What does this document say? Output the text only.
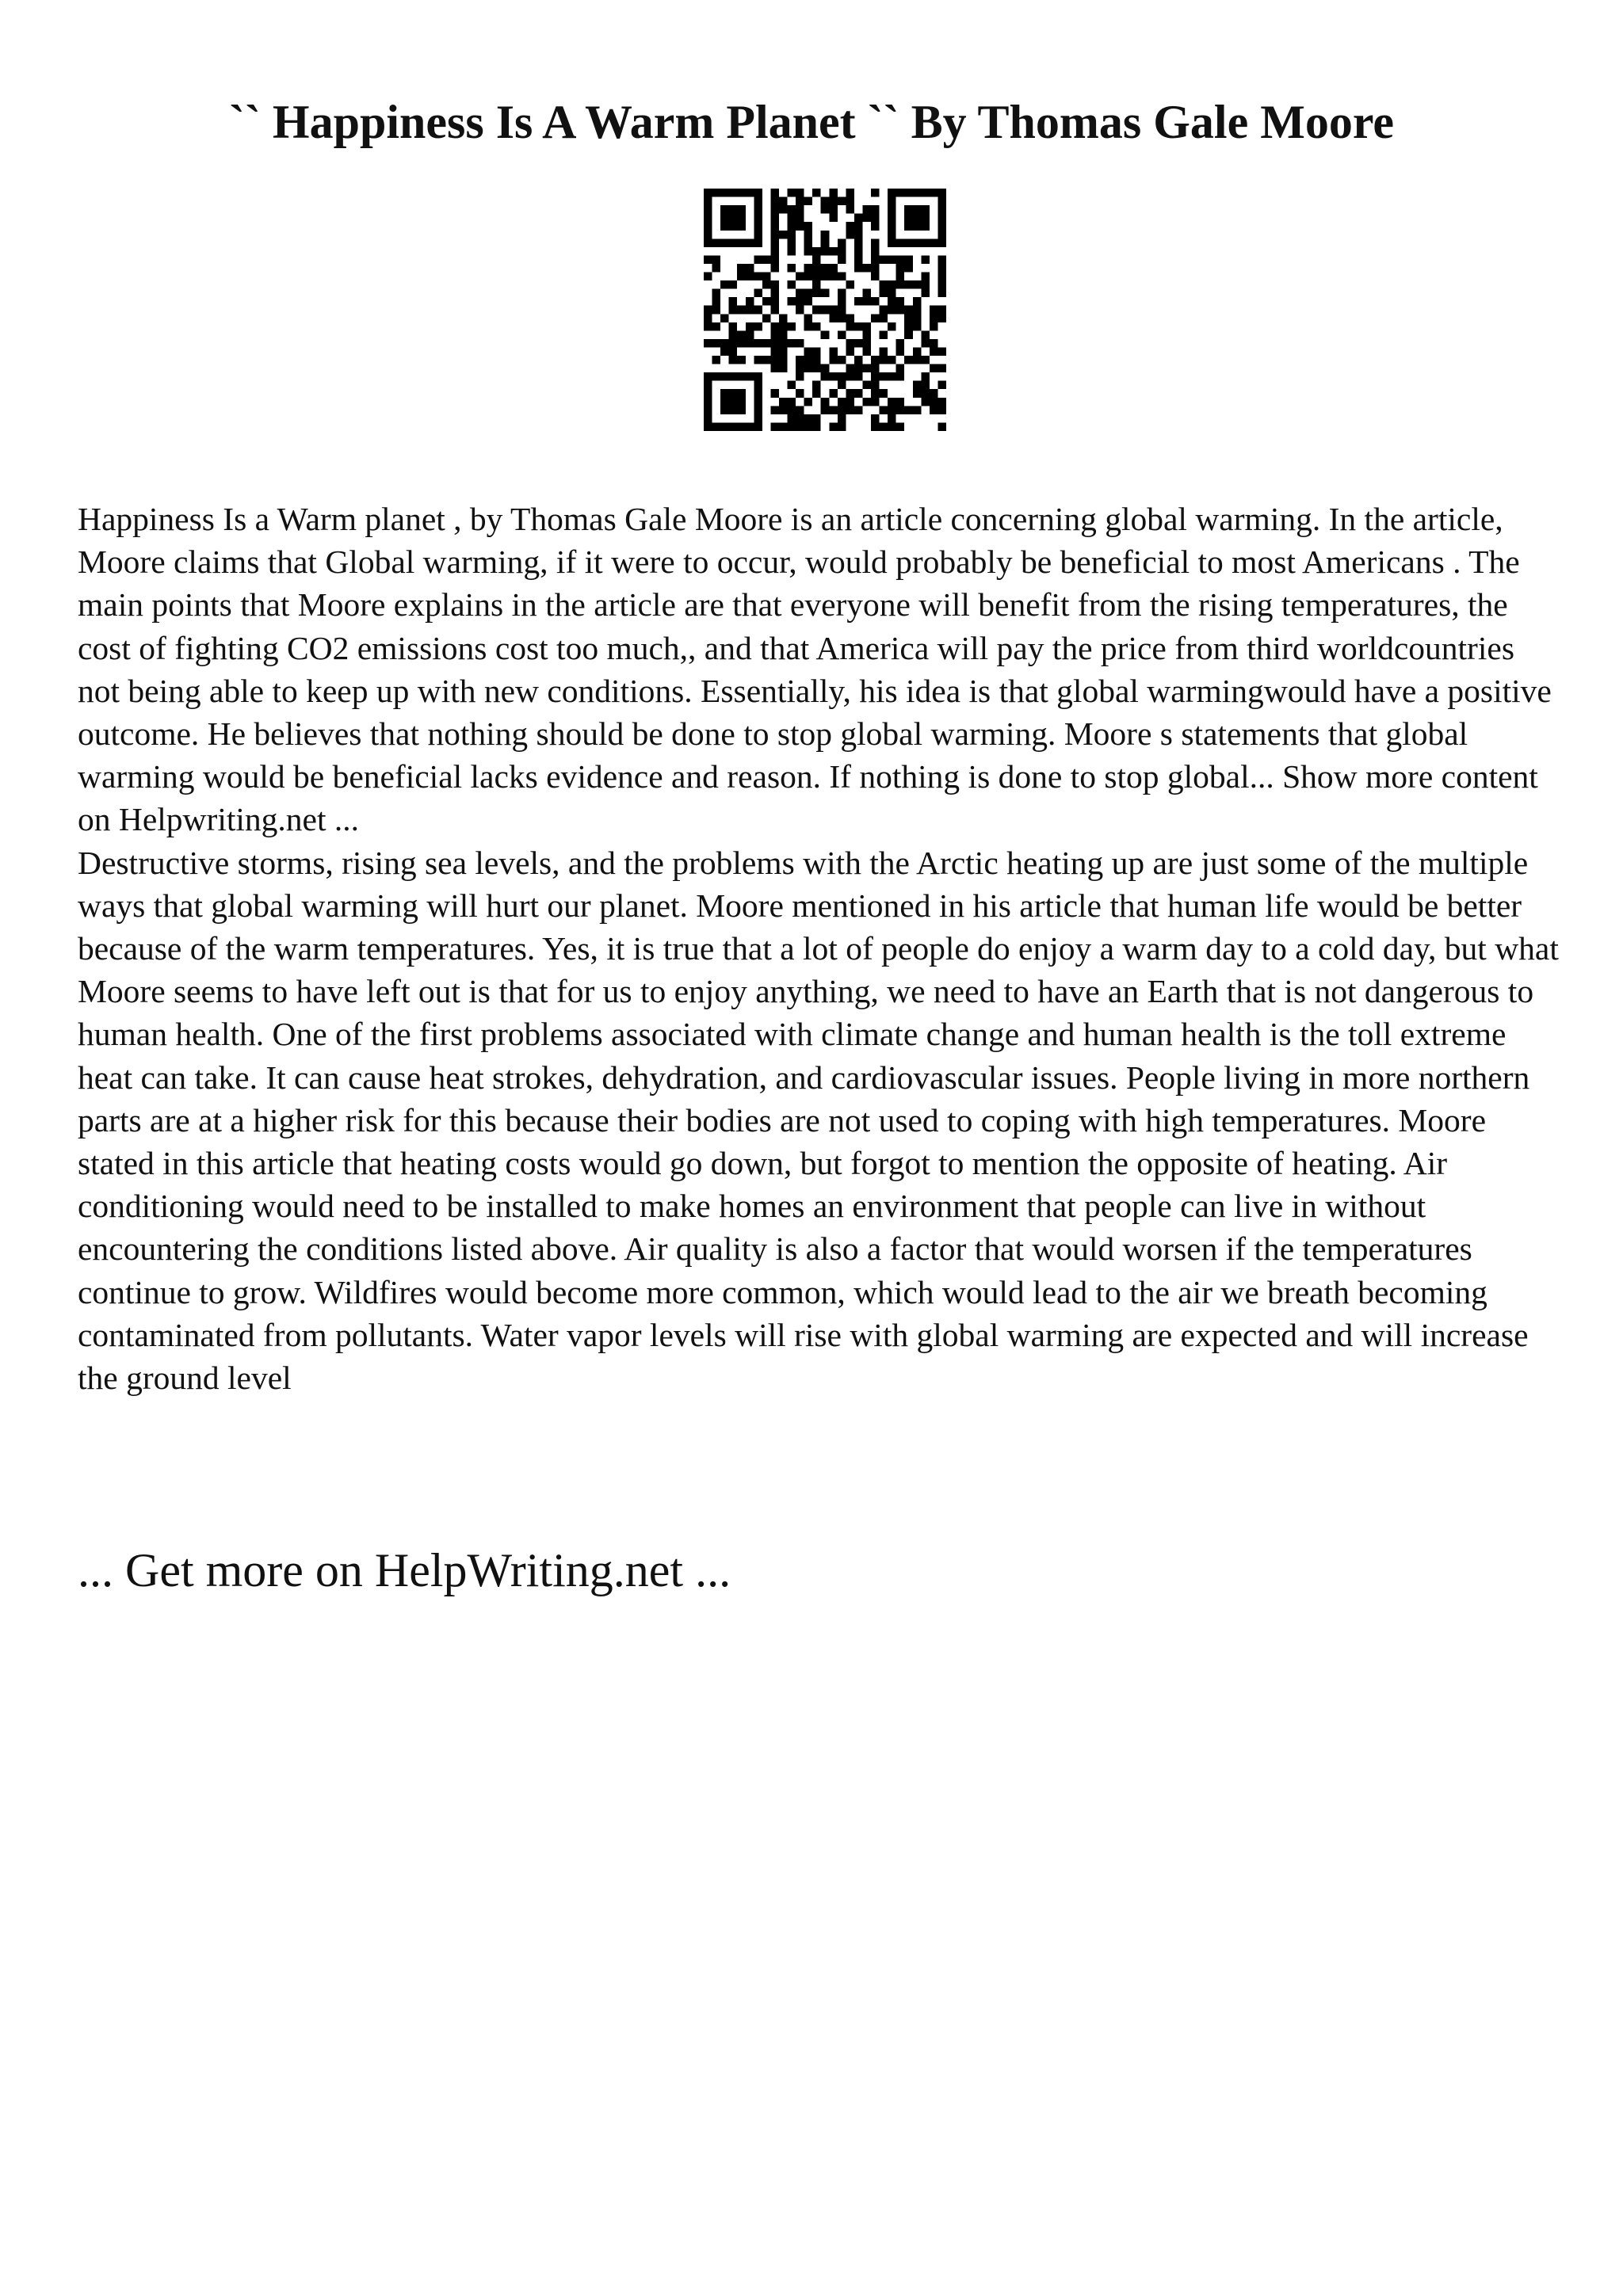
`` Happiness Is A Warm Planet `` By Thomas Gale Moore

Happiness Is a Warm planet , by Thomas Gale Moore is an article concerning global warming. In the article, Moore claims that Global warming, if it were to occur, would probably be beneficial to most Americans . The main points that Moore explains in the article are that everyone will benefit from the rising temperatures, the cost of fighting CO2 emissions cost too much,, and that America will pay the price from third worldcountries not being able to keep up with new conditions. Essentially, his idea is that global warmingwould have a positive outcome. He believes that nothing should be done to stop global warming. Moore s statements that global warming would be beneficial lacks evidence and reason. If nothing is done to stop global... Show more content on Helpwriting.net ...

Destructive storms, rising sea levels, and the problems with the Arctic heating up are just some of the multiple ways that global warming will hurt our planet. Moore mentioned in his article that human life would be better because of the warm temperatures. Yes, it is true that a lot of people do enjoy a warm day to a cold day, but what Moore seems to have left out is that for us to enjoy anything, we need to have an Earth that is not dangerous to human health. One of the first problems associated with climate change and human health is the toll extreme heat can take. It can cause heat strokes, dehydration, and cardiovascular issues. People living in more northern parts are at a higher risk for this because their bodies are not used to coping with high temperatures. Moore stated in this article that heating costs would go down, but forgot to mention the opposite of heating. Air conditioning would need to be installed to make homes an environment that people can live in without encountering the conditions listed above. Air quality is also a factor that would worsen if the temperatures continue to grow. Wildfires would become more common, which would lead to the air we breath becoming contaminated from pollutants. Water vapor levels will rise with global warming are expected and will increase the ground level

... Get more on HelpWriting.net ...
